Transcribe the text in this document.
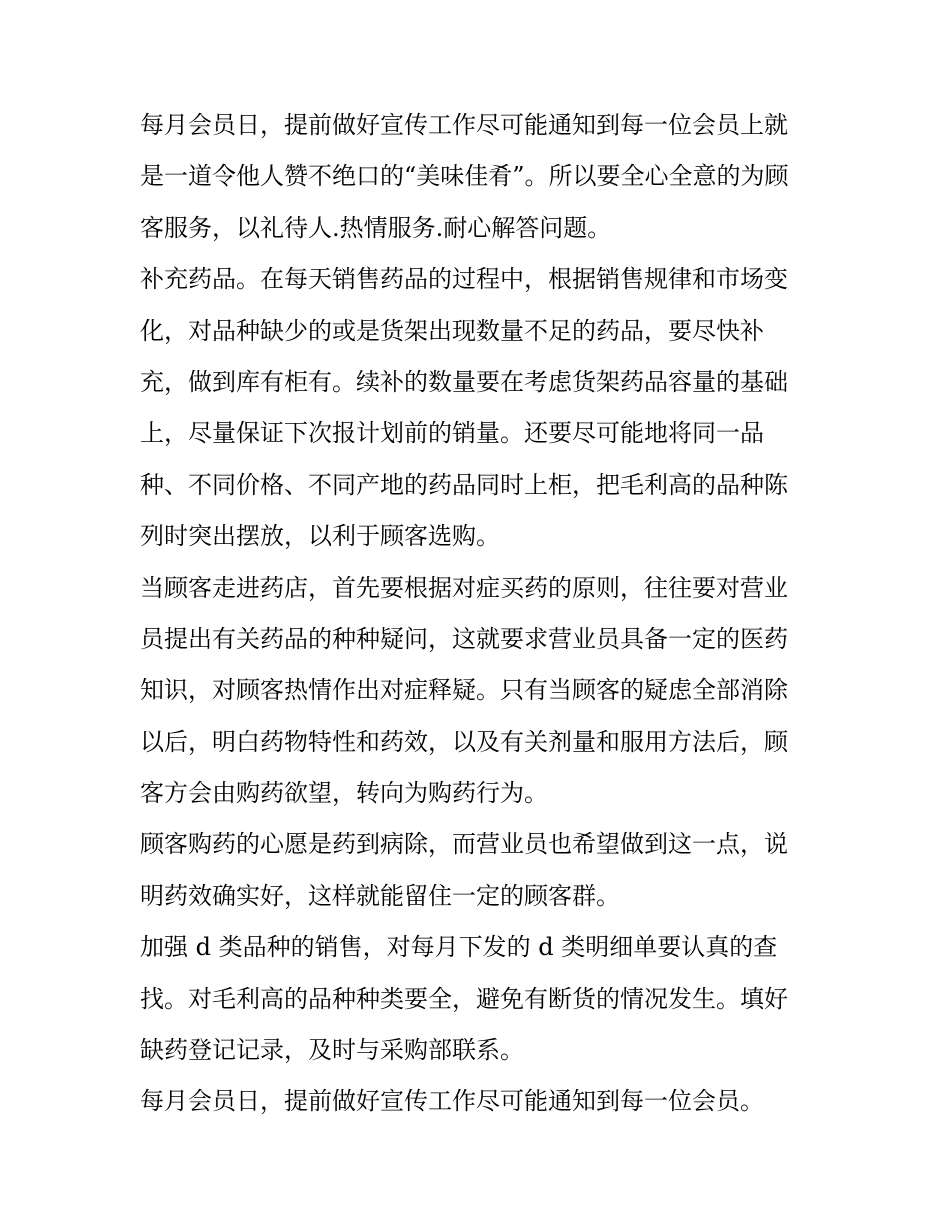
每月会员日，提前做好宣传工作尽可能通知到每一位会员上就
是一道令他人赞不绝口的“美味佳肴”。所以要全心全意的为顾
客服务，以礼待人.热情服务.耐心解答问题。
补充药品。在每天销售药品的过程中，根据销售规律和市场变
化，对品种缺少的或是货架出现数量不足的药品，要尽快补
充，做到库有柜有。续补的数量要在考虑货架药品容量的基础
上，尽量保证下次报计划前的销量。还要尽可能地将同一品
种、不同价格、不同产地的药品同时上柜，把毛利高的品种陈
列时突出摆放，以利于顾客选购。
当顾客走进药店，首先要根据对症买药的原则，往往要对营业
员提出有关药品的种种疑问，这就要求营业员具备一定的医药
知识，对顾客热情作出对症释疑。只有当顾客的疑虑全部消除
以后，明白药物特性和药效，以及有关剂量和服用方法后，顾
客方会由购药欲望，转向为购药行为。
顾客购药的心愿是药到病除，而营业员也希望做到这一点，说
明药效确实好，这样就能留住一定的顾客群。
加强 d 类品种的销售，对每月下发的 d 类明细单要认真的查
找。对毛利高的品种种类要全，避免有断货的情况发生。填好
缺药登记记录，及时与采购部联系。
每月会员日，提前做好宣传工作尽可能通知到每一位会员。
